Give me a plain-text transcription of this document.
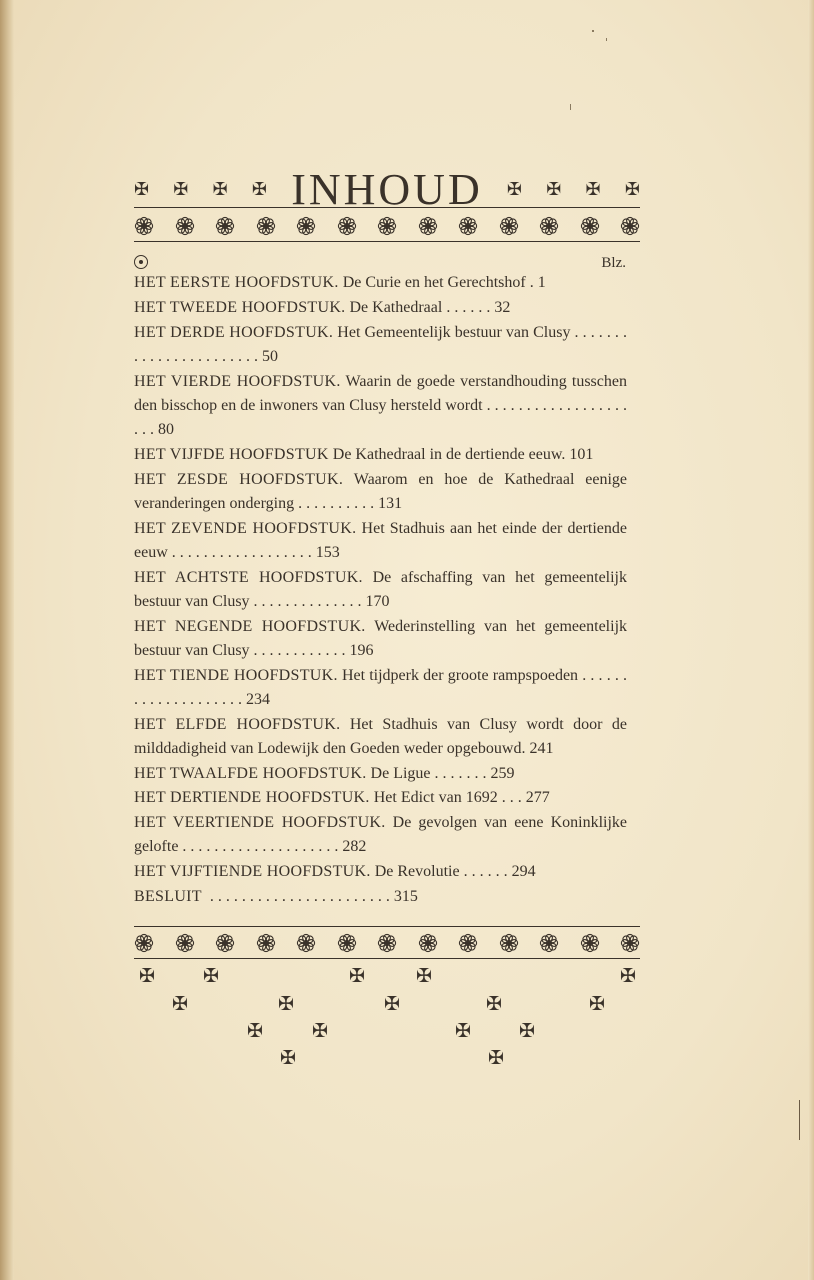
✠ ✠ ✠ ✠ INHOUD ✠ ✠ ✠ ✠
Blz.
HET EERSTE HOOFDSTUK. De Curie en het Gerechtshof . 1
HET TWEEDE HOOFDSTUK. De Kathedraal . . . . . . 32
HET DERDE HOOFDSTUK. Het Gemeentelijk bestuur van Clusy . . . . . . . . . . . . . . . . . . . . . . . 50
HET VIERDE HOOFDSTUK. Waarin de goede verstandhouding tusschen den bisschop en de inwoners van Clusy hersteld wordt . . . . . . . . . . . . . . . . . . . . . 80
HET VIJFDE HOOFDSTUK De Kathedraal in de dertiende eeuw. 101
HET ZESDE HOOFDSTUK. Waarom en hoe de Kathedraal eenige veranderingen onderging . . . . . . . . . . 131
HET ZEVENDE HOOFDSTUK. Het Stadhuis aan het einde der dertiende eeuw . . . . . . . . . . . . . . . . . . 153
HET ACHTSTE HOOFDSTUK. De afschaffing van het gemeentelijk bestuur van Clusy . . . . . . . . . . . . . . 170
HET NEGENDE HOOFDSTUK. Wederinstelling van het gemeentelijk bestuur van Clusy . . . . . . . . . . . . 196
HET TIENDE HOOFDSTUK. Het tijdperk der groote rampspoeden . . . . . . . . . . . . . . . . . . . . 234
HET ELFDE HOOFDSTUK. Het Stadhuis van Clusy wordt door de milddadigheid van Lodewijk den Goeden weder opgebouwd. 241
HET TWAALFDE HOOFDSTUK. De Ligue . . . . . . . 259
HET DERTIENDE HOOFDSTUK. Het Edict van 1692 . . . 277
HET VEERTIENDE HOOFDSTUK. De gevolgen van eene Koninklijke gelofte . . . . . . . . . . . . . . . . . . . . 282
HET VIJFTIENDE HOOFDSTUK. De Revolutie . . . . . . 294
BESLUIT  . . . . . . . . . . . . . . . . . . . . . . . 315
✠	✠	✠	✠	✠
✠	✠	✠	✠	✠
✠	✠	✠	✠
✠	✠
